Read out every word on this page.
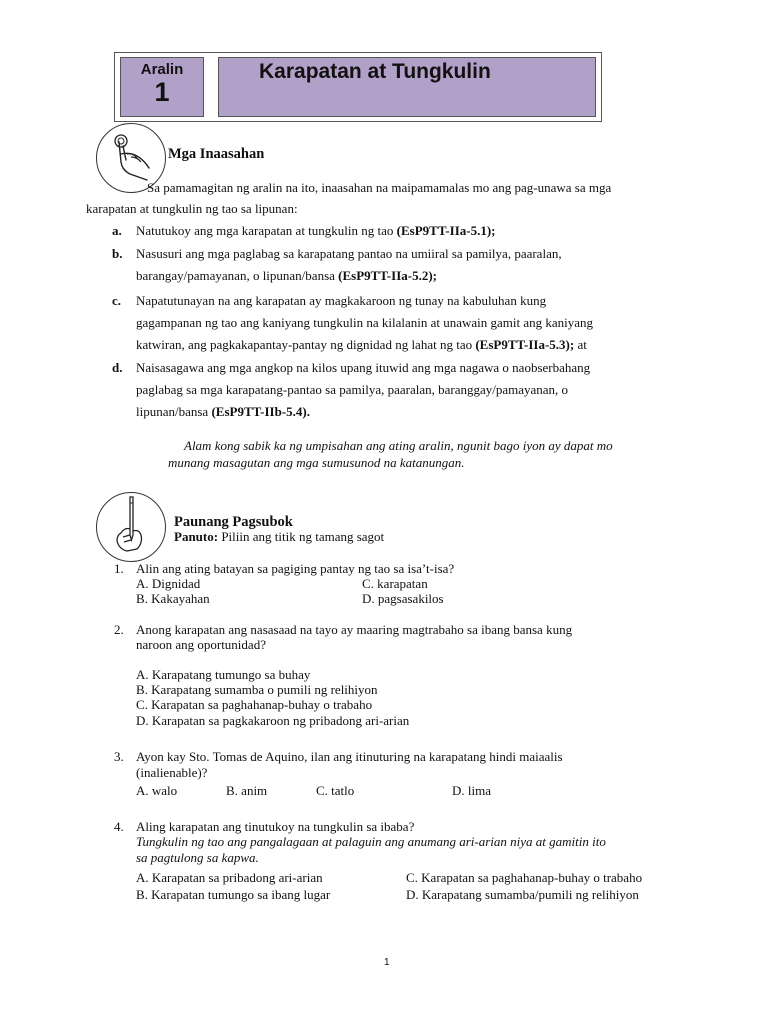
Aralin
1
Karapatan at Tungkulin
Mga Inaasahan
Sa pamamagitan ng aralin na ito, inaasahan na maipamamalas mo ang pag-unawa sa mga
karapatan at tungkulin ng tao sa lipunan:
a. Natutukoy ang mga karapatan at tungkulin ng tao (EsP9TT-IIa-5.1);
b. Nasusuri ang mga paglabag sa karapatang pantao na umiiral sa pamilya, paaralan,
barangay/pamayanan, o lipunan/bansa (EsP9TT-IIa-5.2);
c. Napatutunayan na ang karapatan ay magkakaroon ng tunay na kabuluhan kung
gagampanan ng tao ang kaniyang tungkulin na kilalanin at unawain gamit ang kaniyang
katwiran, ang pagkakapantay-pantay ng dignidad ng lahat ng tao (EsP9TT-IIa-5.3); at
d. Naisasagawa ang mga angkop na kilos upang ituwid ang mga nagawa o naobserbahang
paglabag sa mga karapatang-pantao sa pamilya, paaralan, baranggay/pamayanan, o
lipunan/bansa (EsP9TT-IIb-5.4).
Alam kong sabik ka ng umpisahan ang ating aralin, ngunit bago iyon ay dapat mo
munang masagutan ang mga sumusunod na katanungan.
Paunang Pagsubok
Panuto: Piliin ang titik ng tamang sagot
1. Alin ang ating batayan sa pagiging pantay ng tao sa isa’t-isa?
A. Dignidad
B. Kakayahan
C. karapatan
D. pagsasakilos
2. Anong karapatan ang nasasaad na tayo ay maaring magtrabaho sa ibang bansa kung
naroon ang oportunidad?
A. Karapatang tumungo sa buhay
B. Karapatang sumamba o pumili ng relihiyon
C. Karapatan sa paghahanap-buhay o trabaho
D. Karapatan sa pagkakaroon ng pribadong ari-arian
3. Ayon kay Sto. Tomas de Aquino, ilan ang itinuturing na karapatang hindi maiaalis
(inalienable)?
A. walo	B. anim	C. tatlo	D. lima
4. Aling karapatan ang tinutukoy na tungkulin sa ibaba?
Tungkulin ng tao ang pangalagaan at palaguin ang anumang ari-arian niya at gamitin ito
sa pagtulong sa kapwa.
A. Karapatan sa pribadong ari-arian
B. Karapatan tumungo sa ibang lugar
C. Karapatan sa paghahanap-buhay o trabaho
D. Karapatang sumamba/pumili ng relihiyon
1
